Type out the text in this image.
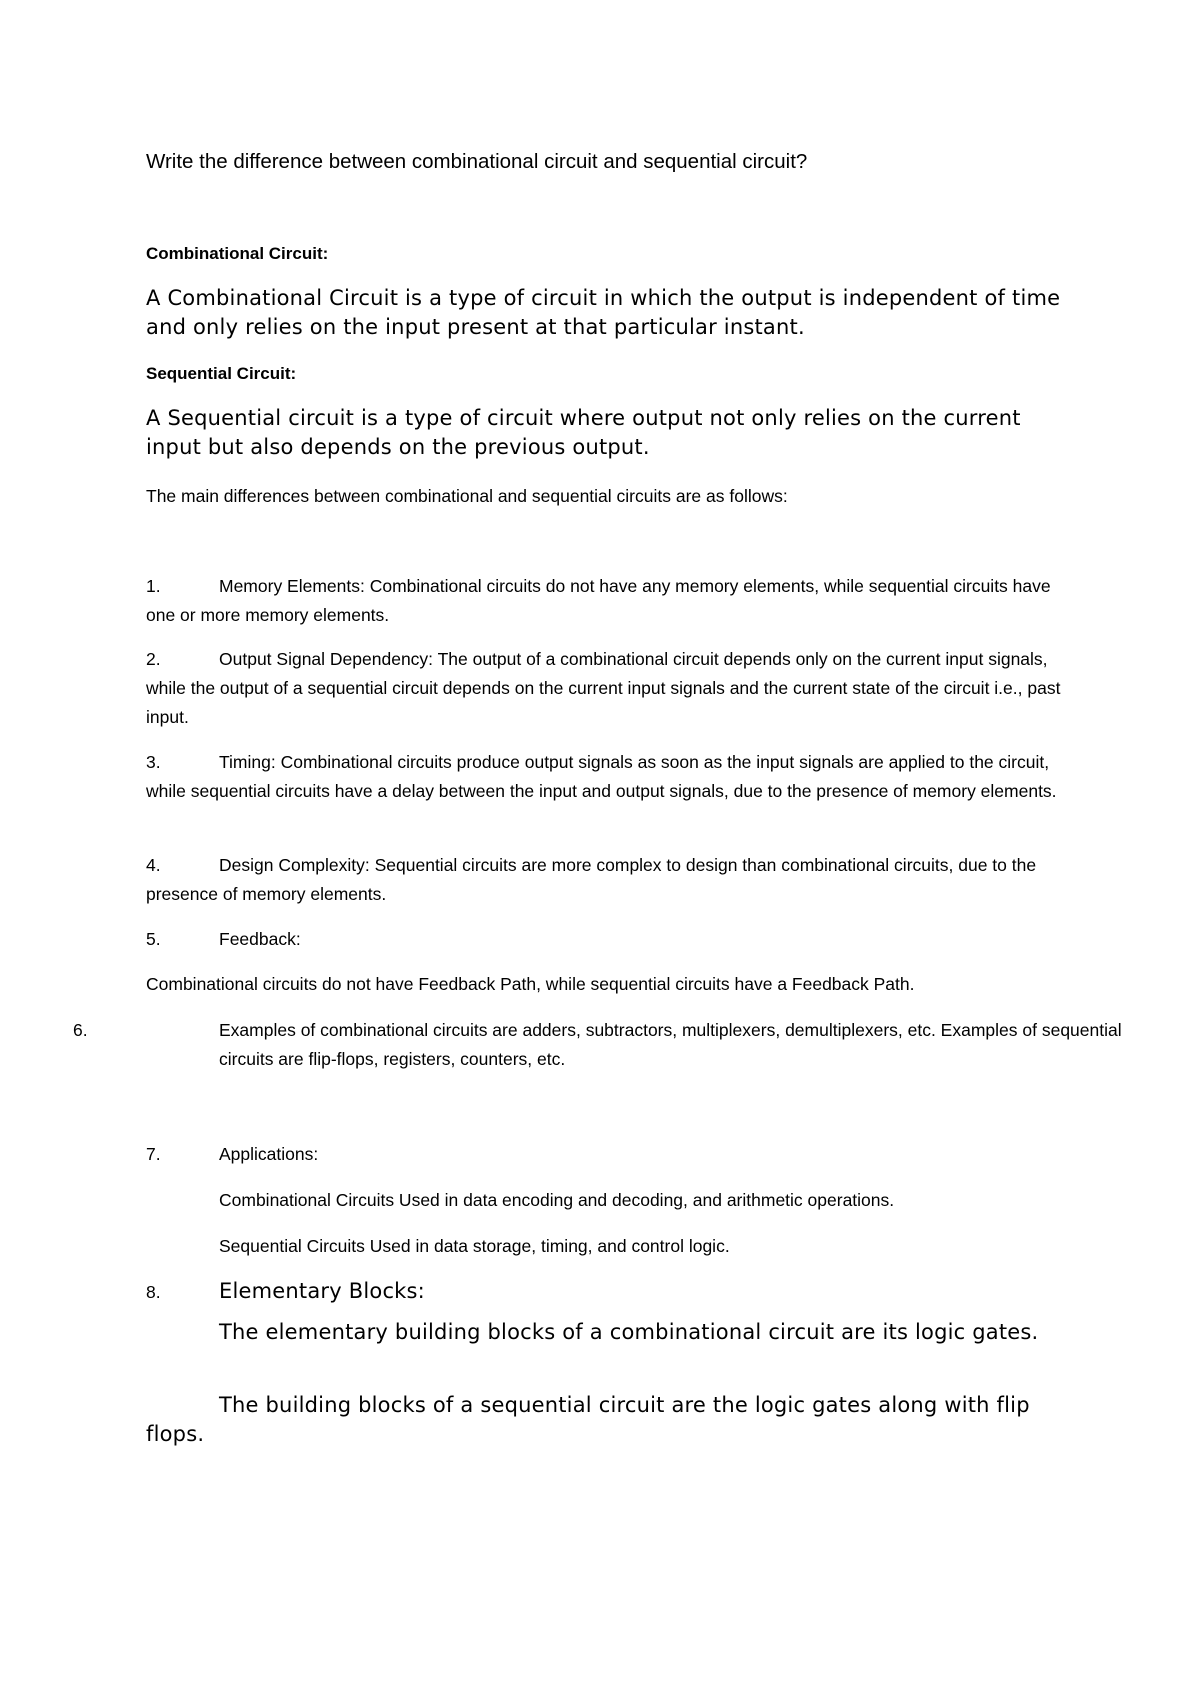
Write the difference between combinational circuit and sequential circuit?

Combinational Circuit:

A Combinational Circuit is a type of circuit in which the output is independent of time and only relies on the input present at that particular instant.

Sequential Circuit:

A Sequential circuit is a type of circuit where output not only relies on the current input but also depends on the previous output.

The main differences between combinational and sequential circuits are as follows:

1.	Memory Elements: Combinational circuits do not have any memory elements, while sequential circuits have one or more memory elements.

2.	Output Signal Dependency: The output of a combinational circuit depends only on the current input signals, while the output of a sequential circuit depends on the current input signals and the current state of the circuit i.e., past input.

3.	Timing: Combinational circuits produce output signals as soon as the input signals are applied to the circuit, while sequential circuits have a delay between the input and output signals, due to the presence of memory elements.

4.	Design Complexity: Sequential circuits are more complex to design than combinational circuits, due to the presence of memory elements.

5.	Feedback:

Combinational circuits do not have Feedback Path, while sequential circuits have a Feedback Path.

6.	Examples of combinational circuits are adders, subtractors, multiplexers, demultiplexers, etc. Examples of sequential circuits are flip-flops, registers, counters, etc.

7.	Applications:

Combinational Circuits Used in data encoding and decoding, and arithmetic operations.

Sequential Circuits Used in data storage, timing, and control logic.

8.	Elementary Blocks:

The elementary building blocks of a combinational circuit are its logic gates.

The building blocks of a sequential circuit are the logic gates along with flip flops.
